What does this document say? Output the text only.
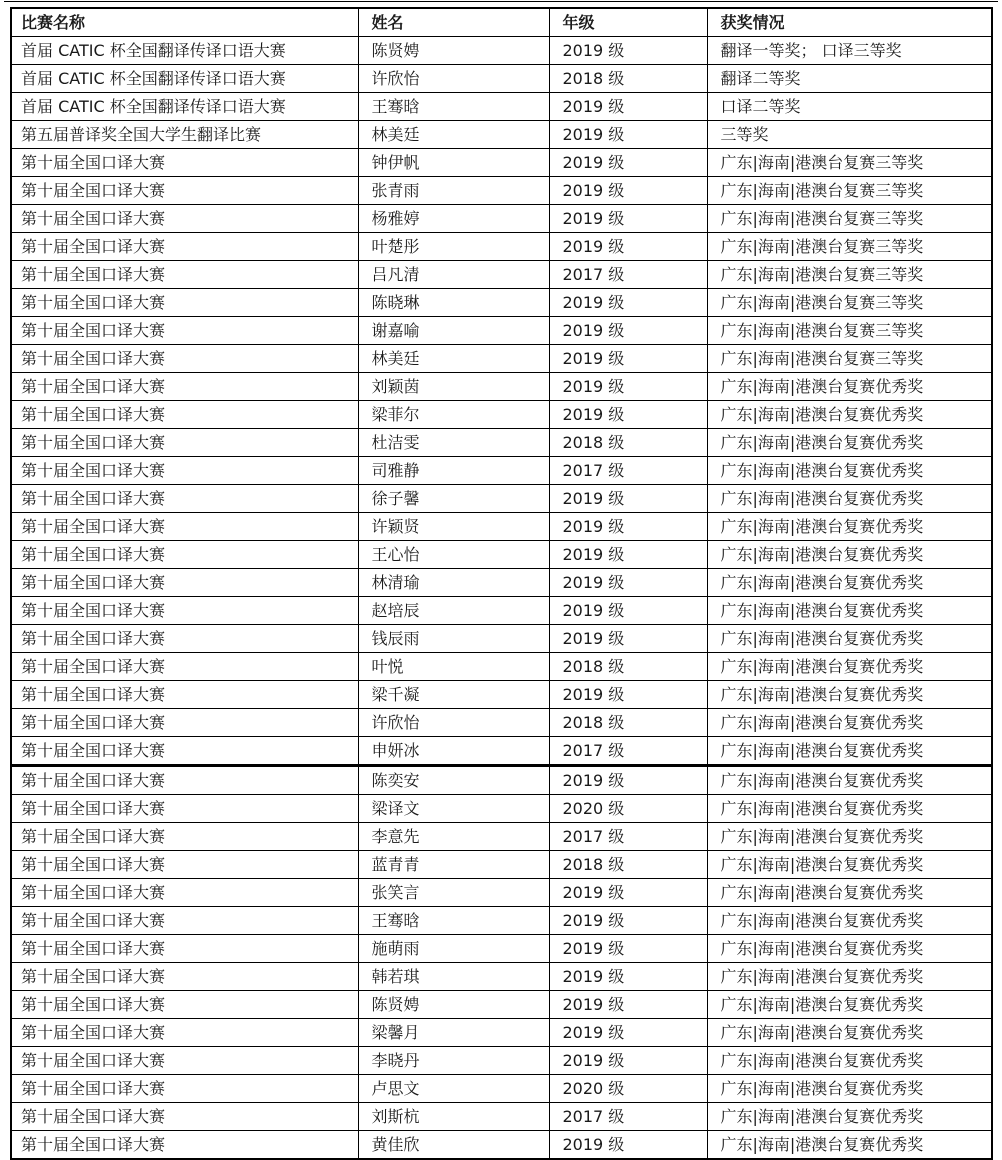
比赛名称	姓名	年级	获奖情况
首届 CATIC 杯全国翻译传译口语大赛	陈贤娉	2019 级	翻译一等奖； 口译三等奖
首届 CATIC 杯全国翻译传译口语大赛	许欣怡	2018 级	翻译二等奖
首届 CATIC 杯全国翻译传译口语大赛	王骞晗	2019 级	口译二等奖
第五届普译奖全国大学生翻译比赛	林美廷	2019 级	三等奖
第十届全国口译大赛	钟伊帆	2019 级	广东|海南|港澳台复赛三等奖
第十届全国口译大赛	张青雨	2019 级	广东|海南|港澳台复赛三等奖
第十届全国口译大赛	杨雅婷	2019 级	广东|海南|港澳台复赛三等奖
第十届全国口译大赛	叶楚彤	2019 级	广东|海南|港澳台复赛三等奖
第十届全国口译大赛	吕凡清	2017 级	广东|海南|港澳台复赛三等奖
第十届全国口译大赛	陈晓琳	2019 级	广东|海南|港澳台复赛三等奖
第十届全国口译大赛	谢嘉喻	2019 级	广东|海南|港澳台复赛三等奖
第十届全国口译大赛	林美廷	2019 级	广东|海南|港澳台复赛三等奖
第十届全国口译大赛	刘颖茵	2019 级	广东|海南|港澳台复赛优秀奖
第十届全国口译大赛	梁菲尔	2019 级	广东|海南|港澳台复赛优秀奖
第十届全国口译大赛	杜洁雯	2018 级	广东|海南|港澳台复赛优秀奖
第十届全国口译大赛	司雅静	2017 级	广东|海南|港澳台复赛优秀奖
第十届全国口译大赛	徐子馨	2019 级	广东|海南|港澳台复赛优秀奖
第十届全国口译大赛	许颖贤	2019 级	广东|海南|港澳台复赛优秀奖
第十届全国口译大赛	王心怡	2019 级	广东|海南|港澳台复赛优秀奖
第十届全国口译大赛	林清瑜	2019 级	广东|海南|港澳台复赛优秀奖
第十届全国口译大赛	赵培辰	2019 级	广东|海南|港澳台复赛优秀奖
第十届全国口译大赛	钱辰雨	2019 级	广东|海南|港澳台复赛优秀奖
第十届全国口译大赛	叶悦	2018 级	广东|海南|港澳台复赛优秀奖
第十届全国口译大赛	梁千凝	2019 级	广东|海南|港澳台复赛优秀奖
第十届全国口译大赛	许欣怡	2018 级	广东|海南|港澳台复赛优秀奖
第十届全国口译大赛	申妍冰	2017 级	广东|海南|港澳台复赛优秀奖
第十届全国口译大赛	陈奕安	2019 级	广东|海南|港澳台复赛优秀奖
第十届全国口译大赛	梁译文	2020 级	广东|海南|港澳台复赛优秀奖
第十届全国口译大赛	李意先	2017 级	广东|海南|港澳台复赛优秀奖
第十届全国口译大赛	蓝青青	2018 级	广东|海南|港澳台复赛优秀奖
第十届全国口译大赛	张笑言	2019 级	广东|海南|港澳台复赛优秀奖
第十届全国口译大赛	王骞晗	2019 级	广东|海南|港澳台复赛优秀奖
第十届全国口译大赛	施萌雨	2019 级	广东|海南|港澳台复赛优秀奖
第十届全国口译大赛	韩若琪	2019 级	广东|海南|港澳台复赛优秀奖
第十届全国口译大赛	陈贤娉	2019 级	广东|海南|港澳台复赛优秀奖
第十届全国口译大赛	梁馨月	2019 级	广东|海南|港澳台复赛优秀奖
第十届全国口译大赛	李晓丹	2019 级	广东|海南|港澳台复赛优秀奖
第十届全国口译大赛	卢思文	2020 级	广东|海南|港澳台复赛优秀奖
第十届全国口译大赛	刘斯杭	2017 级	广东|海南|港澳台复赛优秀奖
第十届全国口译大赛	黄佳欣	2019 级	广东|海南|港澳台复赛优秀奖
